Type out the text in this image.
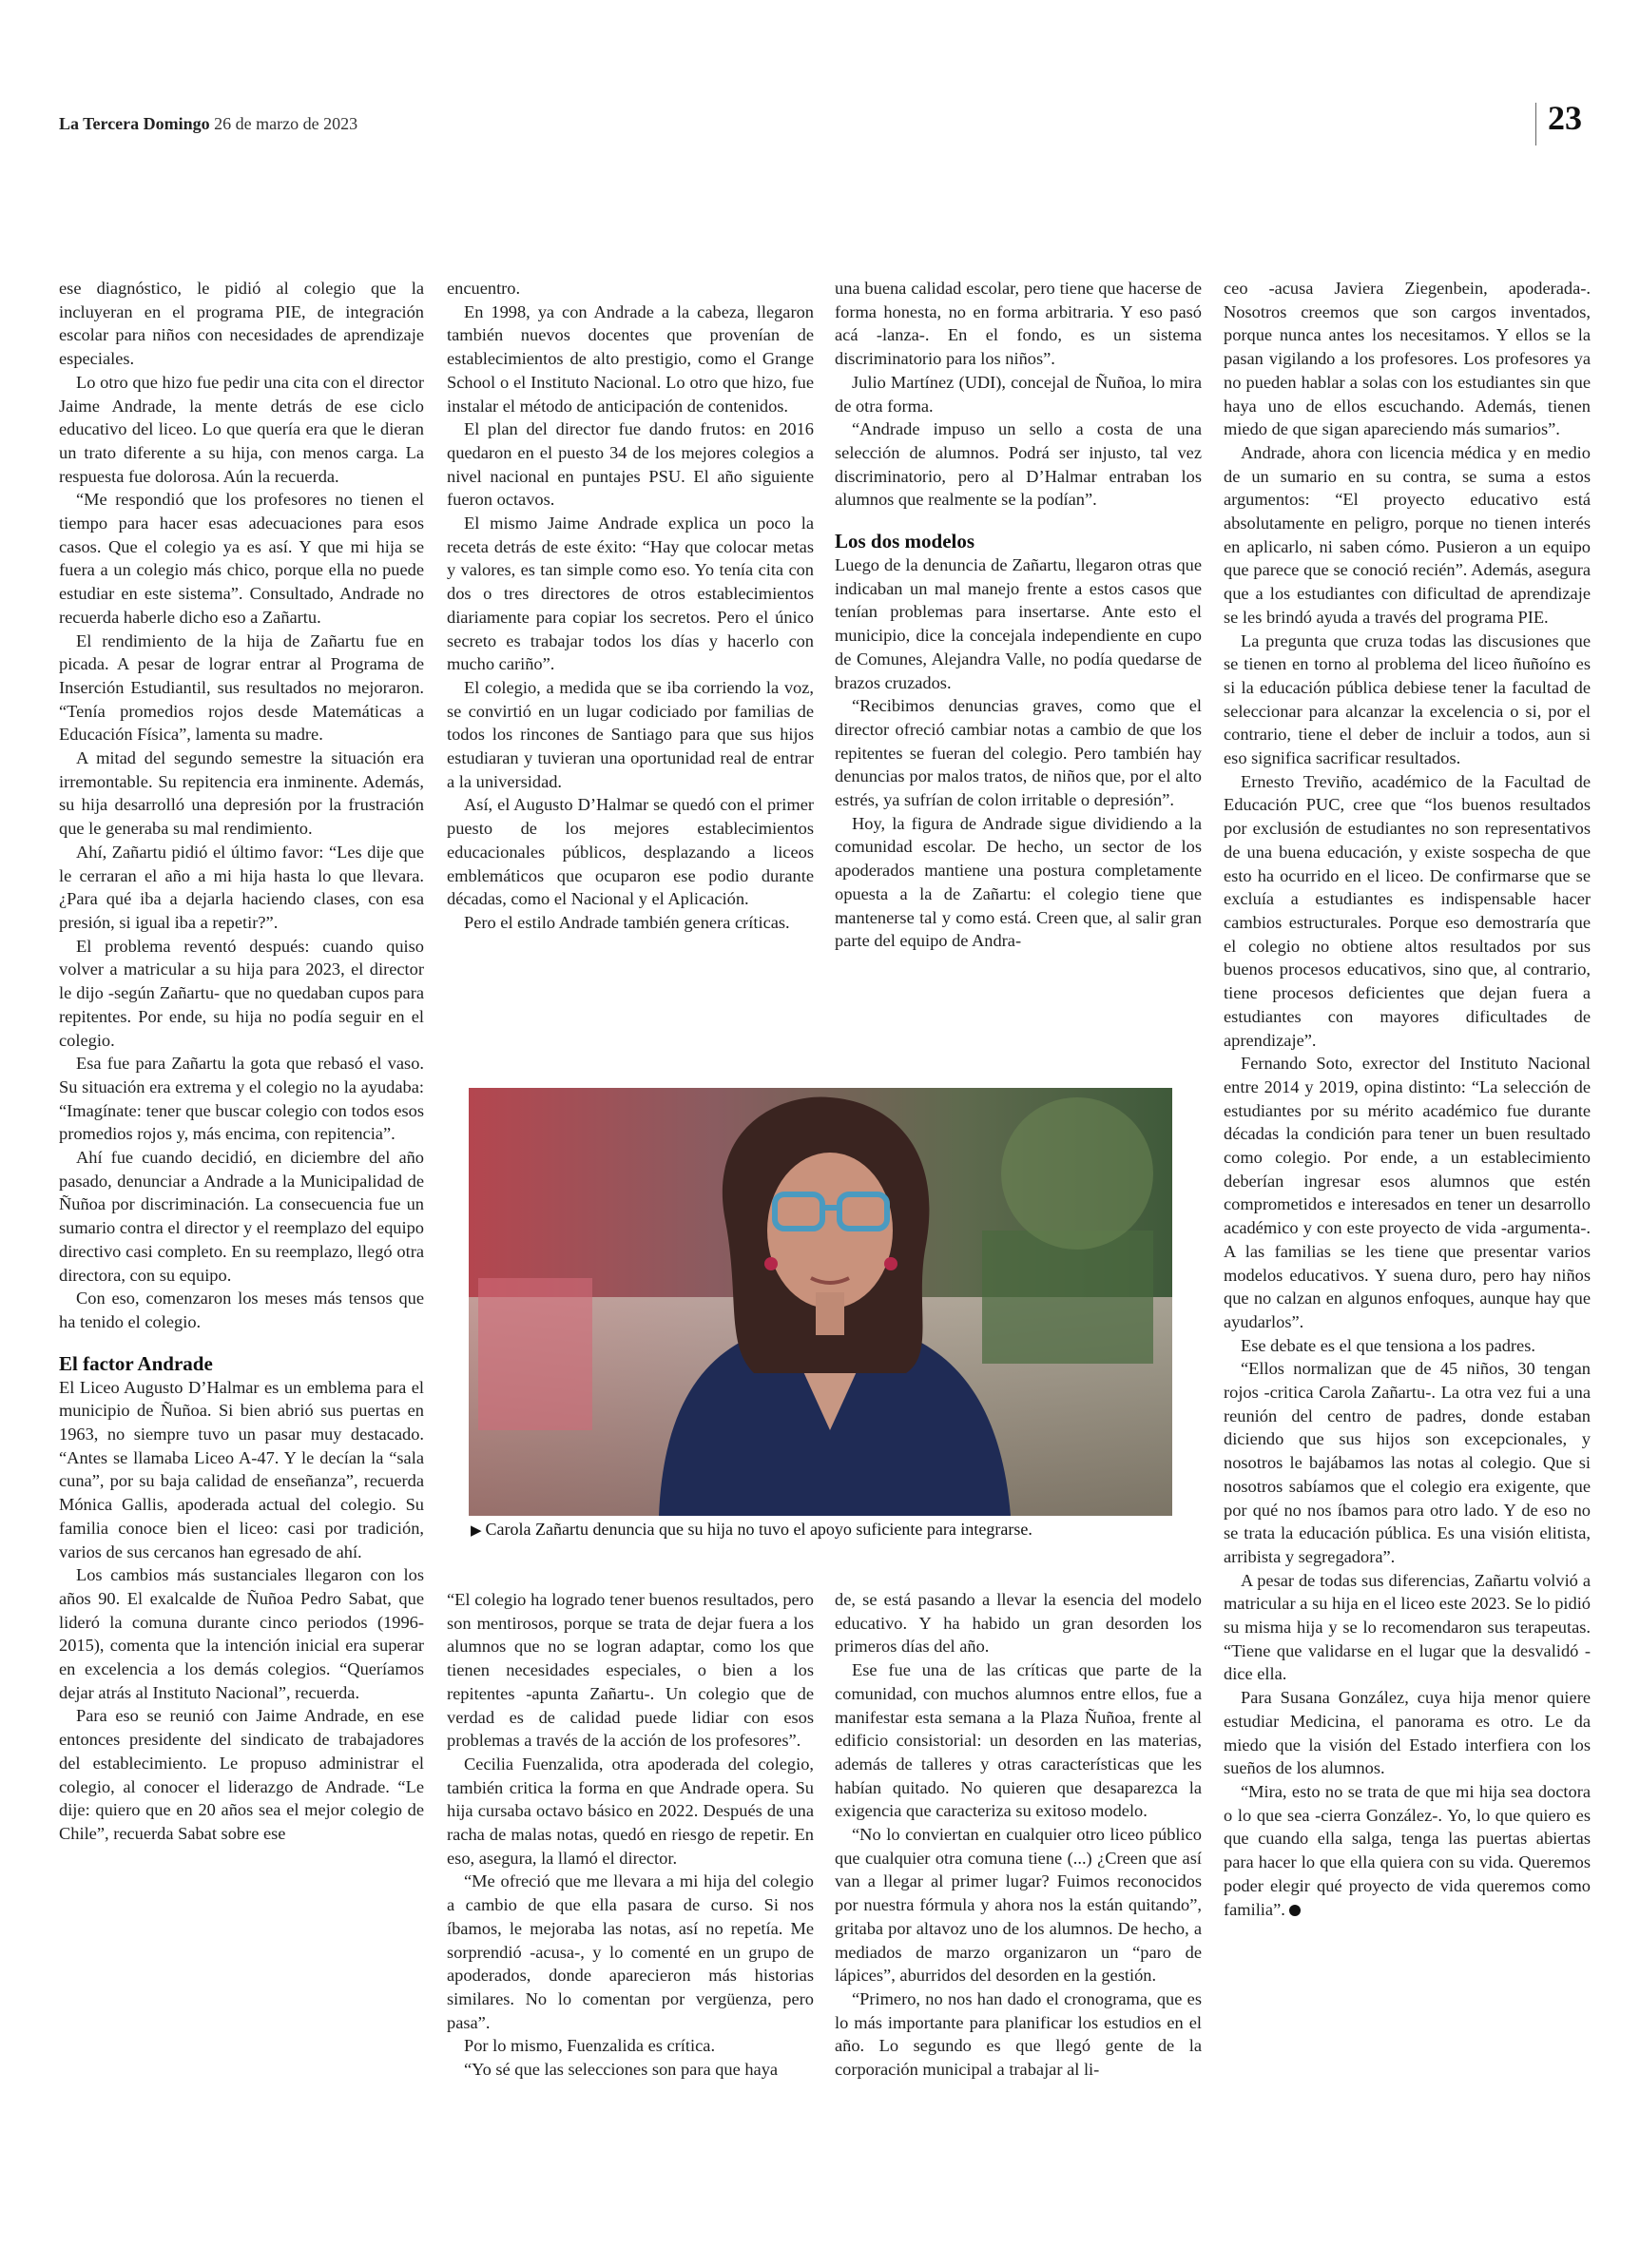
La Tercera Domingo 26 de marzo de 2023	23

ese diagnóstico, le pidió al colegio que la incluyeran en el programa PIE, de integración escolar para niños con necesidades de aprendizaje especiales.

Lo otro que hizo fue pedir una cita con el director Jaime Andrade, la mente detrás de ese ciclo educativo del liceo. Lo que quería era que le dieran un trato diferente a su hija, con menos carga. La respuesta fue dolorosa. Aún la recuerda.

“Me respondió que los profesores no tienen el tiempo para hacer esas adecuaciones para esos casos. Que el colegio ya es así. Y que mi hija se fuera a un colegio más chico, porque ella no puede estudiar en este sistema”. Consultado, Andrade no recuerda haberle dicho eso a Zañartu.

El rendimiento de la hija de Zañartu fue en picada. A pesar de lograr entrar al Programa de Inserción Estudiantil, sus resultados no mejoraron. “Tenía promedios rojos desde Matemáticas a Educación Física”, lamenta su madre.

A mitad del segundo semestre la situación era irremontable. Su repitencia era inminente. Además, su hija desarrolló una depresión por la frustración que le generaba su mal rendimiento.

Ahí, Zañartu pidió el último favor: “Les dije que le cerraran el año a mi hija hasta lo que llevara. ¿Para qué iba a dejarla haciendo clases, con esa presión, si igual iba a repetir?”.

El problema reventó después: cuando quiso volver a matricular a su hija para 2023, el director le dijo -según Zañartu- que no quedaban cupos para repitentes. Por ende, su hija no podía seguir en el colegio.

Esa fue para Zañartu la gota que rebasó el vaso. Su situación era extrema y el colegio no la ayudaba: “Imagínate: tener que buscar colegio con todos esos promedios rojos y, más encima, con repitencia”.

Ahí fue cuando decidió, en diciembre del año pasado, denunciar a Andrade a la Municipalidad de Ñuñoa por discriminación. La consecuencia fue un sumario contra el director y el reemplazo del equipo directivo casi completo. En su reemplazo, llegó otra directora, con su equipo.

Con eso, comenzaron los meses más tensos que ha tenido el colegio.

El factor Andrade

El Liceo Augusto D’Halmar es un emblema para el municipio de Ñuñoa. Si bien abrió sus puertas en 1963, no siempre tuvo un pasar muy destacado. “Antes se llamaba Liceo A-47. Y le decían la “sala cuna”, por su baja calidad de enseñanza”, recuerda Mónica Gallis, apoderada actual del colegio. Su familia conoce bien el liceo: casi por tradición, varios de sus cercanos han egresado de ahí.

Los cambios más sustanciales llegaron con los años 90. El exalcalde de Ñuñoa Pedro Sabat, que lideró la comuna durante cinco periodos (1996-2015), comenta que la intención inicial era superar en excelencia a los demás colegios. “Queríamos dejar atrás al Instituto Nacional”, recuerda.

Para eso se reunió con Jaime Andrade, en ese entonces presidente del sindicato de trabajadores del establecimiento. Le propuso administrar el colegio, al conocer el liderazgo de Andrade. “Le dije: quiero que en 20 años sea el mejor colegio de Chile”, recuerda Sabat sobre ese

encuentro.

En 1998, ya con Andrade a la cabeza, llegaron también nuevos docentes que provenían de establecimientos de alto prestigio, como el Grange School o el Instituto Nacional. Lo otro que hizo, fue instalar el método de anticipación de contenidos.

El plan del director fue dando frutos: en 2016 quedaron en el puesto 34 de los mejores colegios a nivel nacional en puntajes PSU. El año siguiente fueron octavos.

El mismo Jaime Andrade explica un poco la receta detrás de este éxito: “Hay que colocar metas y valores, es tan simple como eso. Yo tenía cita con dos o tres directores de otros establecimientos diariamente para copiar los secretos. Pero el único secreto es trabajar todos los días y hacerlo con mucho cariño”.

El colegio, a medida que se iba corriendo la voz, se convirtió en un lugar codiciado por familias de todos los rincones de Santiago para que sus hijos estudiaran y tuvieran una oportunidad real de entrar a la universidad.

Así, el Augusto D’Halmar se quedó con el primer puesto de los mejores establecimientos educacionales públicos, desplazando a liceos emblemáticos que ocuparon ese podio durante décadas, como el Nacional y el Aplicación.

Pero el estilo Andrade también genera críticas.

una buena calidad escolar, pero tiene que hacerse de forma honesta, no en forma arbitraria. Y eso pasó acá -lanza-. En el fondo, es un sistema discriminatorio para los niños”.

Julio Martínez (UDI), concejal de Ñuñoa, lo mira de otra forma.

“Andrade impuso un sello a costa de una selección de alumnos. Podrá ser injusto, tal vez discriminatorio, pero al D’Halmar entraban los alumnos que realmente se la podían”.

Los dos modelos

Luego de la denuncia de Zañartu, llegaron otras que indicaban un mal manejo frente a estos casos que tenían problemas para insertarse. Ante esto el municipio, dice la concejala independiente en cupo de Comunes, Alejandra Valle, no podía quedarse de brazos cruzados.

“Recibimos denuncias graves, como que el director ofreció cambiar notas a cambio de que los repitentes se fueran del colegio. Pero también hay denuncias por malos tratos, de niños que, por el alto estrés, ya sufrían de colon irritable o depresión”.

Hoy, la figura de Andrade sigue dividiendo a la comunidad escolar. De hecho, un sector de los apoderados mantiene una postura completamente opuesta a la de Zañartu: el colegio tiene que mantenerse tal y como está. Creen que, al salir gran parte del equipo de Andra-

ceo -acusa Javiera Ziegenbein, apoderada-. Nosotros creemos que son cargos inventados, porque nunca antes los necesitamos. Y ellos se la pasan vigilando a los profesores. Los profesores ya no pueden hablar a solas con los estudiantes sin que haya uno de ellos escuchando. Además, tienen miedo de que sigan apareciendo más sumarios”.

Andrade, ahora con licencia médica y en medio de un sumario en su contra, se suma a estos argumentos: “El proyecto educativo está absolutamente en peligro, porque no tienen interés en aplicarlo, ni saben cómo. Pusieron a un equipo que parece que se conoció recién”. Además, asegura que a los estudiantes con dificultad de aprendizaje se les brindó ayuda a través del programa PIE.

La pregunta que cruza todas las discusiones que se tienen en torno al problema del liceo ñuñoíno es si la educación pública debiese tener la facultad de seleccionar para alcanzar la excelencia o si, por el contrario, tiene el deber de incluir a todos, aun si eso significa sacrificar resultados.

Ernesto Treviño, académico de la Facultad de Educación PUC, cree que “los buenos resultados por exclusión de estudiantes no son representativos de una buena educación, y existe sospecha de que esto ha ocurrido en el liceo. De confirmarse que se excluía a estudiantes es indispensable hacer cambios estructurales. Porque eso demostraría que el colegio no obtiene altos resultados por sus buenos procesos educativos, sino que, al contrario, tiene procesos deficientes que dejan fuera a estudiantes con mayores dificultades de aprendizaje”.

Fernando Soto, exrector del Instituto Nacional entre 2014 y 2019, opina distinto: “La selección de estudiantes por su mérito académico fue durante décadas la condición para tener un buen resultado como colegio. Por ende, a un establecimiento deberían ingresar esos alumnos que estén comprometidos e interesados en tener un desarrollo académico y con este proyecto de vida -argumenta-. A las familias se les tiene que presentar varios modelos educativos. Y suena duro, pero hay niños que no calzan en algunos enfoques, aunque hay que ayudarlos”.

Ese debate es el que tensiona a los padres.

“Ellos normalizan que de 45 niños, 30 tengan rojos -critica Carola Zañartu-. La otra vez fui a una reunión del centro de padres, donde estaban diciendo que sus hijos son excepcionales, y nosotros le bajábamos las notas al colegio. Que si nosotros sabíamos que el colegio era exigente, que por qué no nos íbamos para otro lado. Y de eso no se trata la educación pública. Es una visión elitista, arribista y segregadora”.

A pesar de todas sus diferencias, Zañartu volvió a matricular a su hija en el liceo este 2023. Se lo pidió su misma hija y se lo recomendaron sus terapeutas. “Tiene que validarse en el lugar que la desvalidó -dice ella.

Para Susana González, cuya hija menor quiere estudiar Medicina, el panorama es otro. Le da miedo que la visión del Estado interfiera con los sueños de los alumnos.

“Mira, esto no se trata de que mi hija sea doctora o lo que sea -cierra González-. Yo, lo que quiero es que cuando ella salga, tenga las puertas abiertas para hacer lo que ella quiera con su vida. Queremos poder elegir qué proyecto de vida queremos como familia”.

▶ Carola Zañartu denuncia que su hija no tuvo el apoyo suficiente para integrarse.

“El colegio ha logrado tener buenos resultados, pero son mentirosos, porque se trata de dejar fuera a los alumnos que no se logran adaptar, como los que tienen necesidades especiales, o bien a los repitentes -apunta Zañartu-. Un colegio que de verdad es de calidad puede lidiar con esos problemas a través de la acción de los profesores”.

Cecilia Fuenzalida, otra apoderada del colegio, también critica la forma en que Andrade opera. Su hija cursaba octavo básico en 2022. Después de una racha de malas notas, quedó en riesgo de repetir. En eso, asegura, la llamó el director.

“Me ofreció que me llevara a mi hija del colegio a cambio de que ella pasara de curso. Si nos íbamos, le mejoraba las notas, así no repetía. Me sorprendió -acusa-, y lo comenté en un grupo de apoderados, donde aparecieron más historias similares. No lo comentan por vergüenza, pero pasa”.

Por lo mismo, Fuenzalida es crítica.

“Yo sé que las selecciones son para que haya

de, se está pasando a llevar la esencia del modelo educativo. Y ha habido un gran desorden los primeros días del año.

Ese fue una de las críticas que parte de la comunidad, con muchos alumnos entre ellos, fue a manifestar esta semana a la Plaza Ñuñoa, frente al edificio consistorial: un desorden en las materias, además de talleres y otras características que les habían quitado. No quieren que desaparezca la exigencia que caracteriza su exitoso modelo.

“No lo conviertan en cualquier otro liceo público que cualquier otra comuna tiene (...) ¿Creen que así van a llegar al primer lugar? Fuimos reconocidos por nuestra fórmula y ahora nos la están quitando”, gritaba por altavoz uno de los alumnos. De hecho, a mediados de marzo organizaron un “paro de lápices”, aburridos del desorden en la gestión.

“Primero, no nos han dado el cronograma, que es lo más importante para planificar los estudios en el año. Lo segundo es que llegó gente de la corporación municipal a trabajar al li-
